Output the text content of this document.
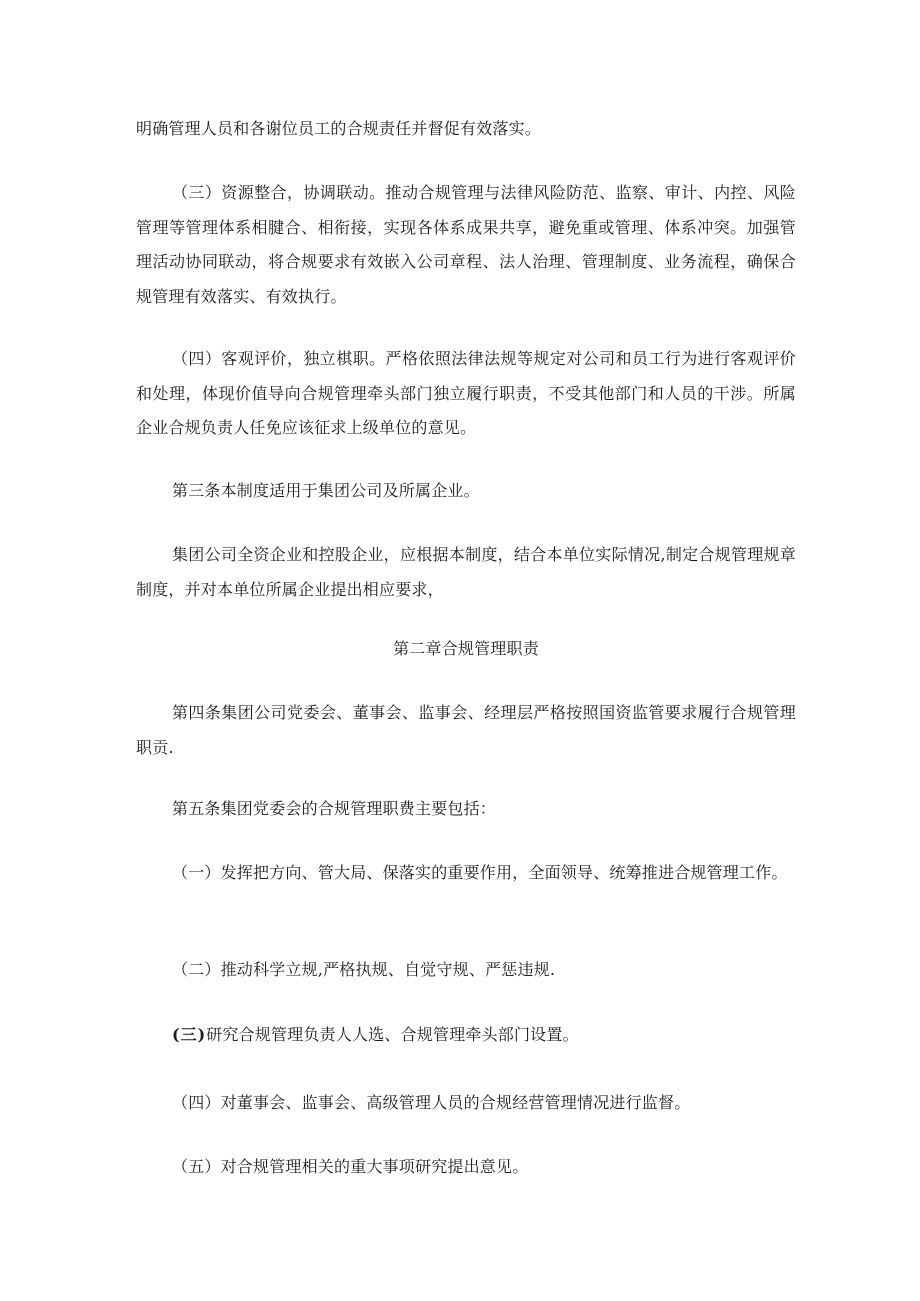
明确管理人员和各谢位员工的合规责任并督促有效落实。

（三）资源整合，协调联动。推动合规管理与法律风险防范、监察、审计、内控、风险管理等管理体系相腱合、相衔接，实现各体系成果共享，避免重或管理、体系冲突。加强管理活动协同联动，将合规要求有效嵌入公司章程、法人治理、管理制度、业务流程，确保合规管理有效落实、有效执行。

（四）客观评价，独立棋职。严格依照法律法规等规定对公司和员工行为进行客观评价和处理，体现价值导向合规管理牵头部门独立履行职责，不受其他部门和人员的干涉。所属企业合规负责人任免应该征求上级单位的意见。

第三条本制度适用于集团公司及所属企业。

集团公司全资企业和控股企业，应根据本制度，结合本单位实际情况,制定合规管理规章制度，并对本单位所属企业提出相应要求，

第二章合规管理职责

第四条集团公司党委会、董事会、监事会、经理层严格按照国资监管要求履行合规管理职贡.

第五条集团党委会的合规管理职费主要包括：

（一）发挥把方向、管大局、保落实的重要作用，全面领导、统筹推进合规管理工作。

（二）推动科学立规,严格执规、自觉守规、严惩违规.

(三)研究合规管理负责人人选、合规管理牵头部门设置。

（四）对董事会、监事会、高级管理人员的合规经营管理情况进行监督。

（五）对合规管理相关的重大事项研究提出意见。
